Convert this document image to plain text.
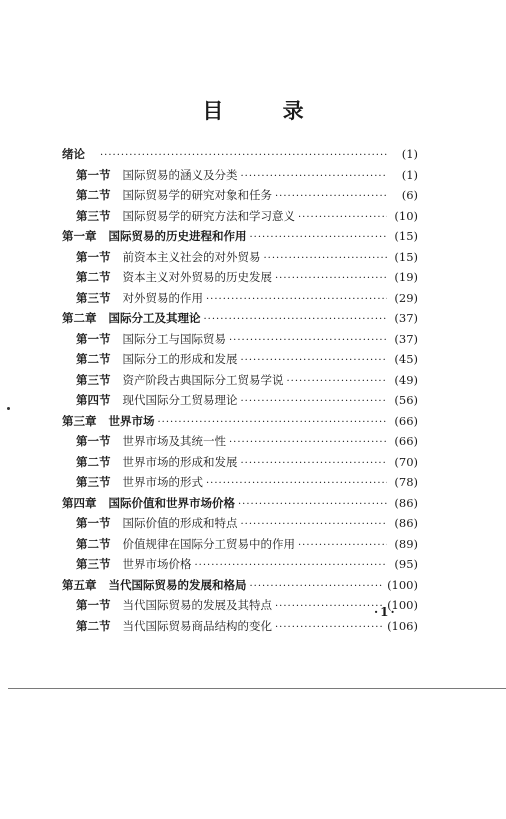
目 录
绪论 ·····	(1)
第一节 国际贸易的涵义及分类 ·····	(1)
第二节 国际贸易学的研究对象和任务 ·····	(6)
第三节 国际贸易学的研究方法和学习意义 ·····	(10)
第一章 国际贸易的历史进程和作用 ·····	(15)
第一节 前资本主义社会的对外贸易 ·····	(15)
第二节 资本主义对外贸易的历史发展 ·····	(19)
第三节 对外贸易的作用 ·····	(29)
第二章 国际分工及其理论 ·····	(37)
第一节 国际分工与国际贸易 ·····	(37)
第二节 国际分工的形成和发展 ·····	(45)
第三节 资产阶段古典国际分工贸易学说 ·····	(49)
第四节 现代国际分工贸易理论 ·····	(56)
第三章 世界市场 ·····	(66)
第一节 世界市场及其统一性 ·····	(66)
第二节 世界市场的形成和发展 ·····	(70)
第三节 世界市场的形式 ·····	(78)
第四章 国际价值和世界市场价格 ·····	(86)
第一节 国际价值的形成和特点 ·····	(86)
第二节 价值规律在国际分工贸易中的作用 ·····	(89)
第三节 世界市场价格 ·····	(95)
第五章 当代国际贸易的发展和格局 ·····	(100)
第一节 当代国际贸易的发展及其特点 ·····	(100)
第二节 当代国际贸易商品结构的变化 ·····	(106)
·1·
